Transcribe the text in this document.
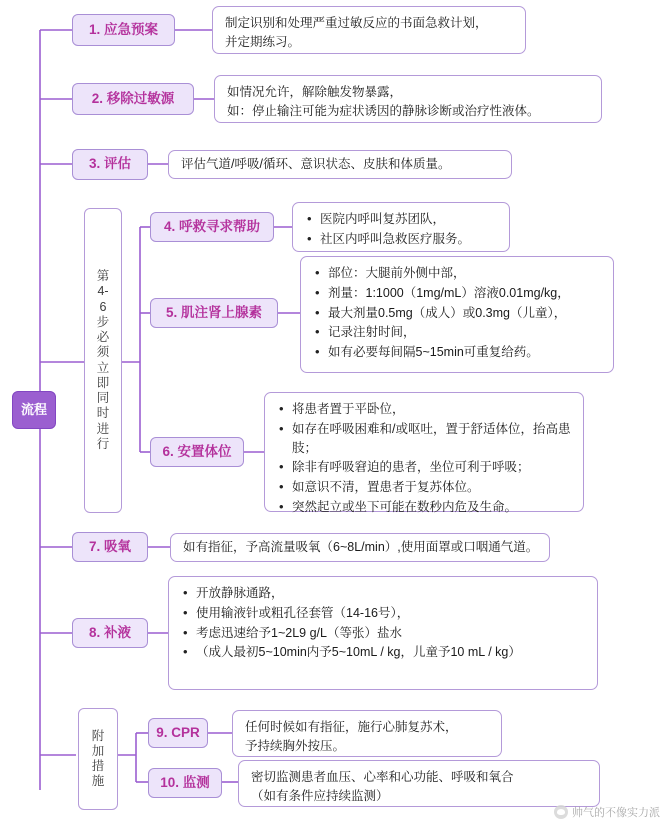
流程
第4-6步必须立即同时进行
附加措施
1. 应急预案	制定识别和处理严重过敏反应的书面急救计划，

并定期练习。

2. 移除过敏源	如情况允许，解除触发物暴露，

如：停止输注可能为症状诱因的静脉诊断或治疗性液体。

3. 评估	评估气道/呼吸/循环、意识状态、皮肤和体质量。

4. 呼救寻求帮助	• 医院内呼叫复苏团队，
• 社区内呼叫急救医疗服务。
5. 肌注肾上腺素
• 部位：大腿前外侧中部，
• 剂量：1:1000（1mg/mL）溶液0.01mg/kg，
• 最大剂量0.5mg（成人）或0.3mg（儿童），
• 记录注射时间，
• 如有必要每间隔5~15min可重复给药。
6. 安置体位
• 将患者置于平卧位，
• 如存在呼吸困难和/或呕吐，置于舒适体位，抬高患肢；
• 除非有呼吸窘迫的患者，坐位可利于呼吸；
• 如意识不清，置患者于复苏体位。
• 突然起立或坐下可能在数秒内危及生命。
7. 吸氧	如有指征，予高流量吸氧（6~8L/min）,使用面罩或口咽通气道。

8. 补液
• 开放静脉通路，
• 使用输液针或粗孔径套管（14-16号），
• 考虑迅速给予1~2L9 g/L（等张）盐水
• （成人最初5~10min内予5~10mL / kg，儿童予10 mL / kg）
9. CPR	任何时候如有指征，施行心肺复苏术，

予持续胸外按压。

10. 监测	密切监测患者血压、心率和心功能、呼吸和氧合

（如有条件应持续监测）

帅气的不像实力派
